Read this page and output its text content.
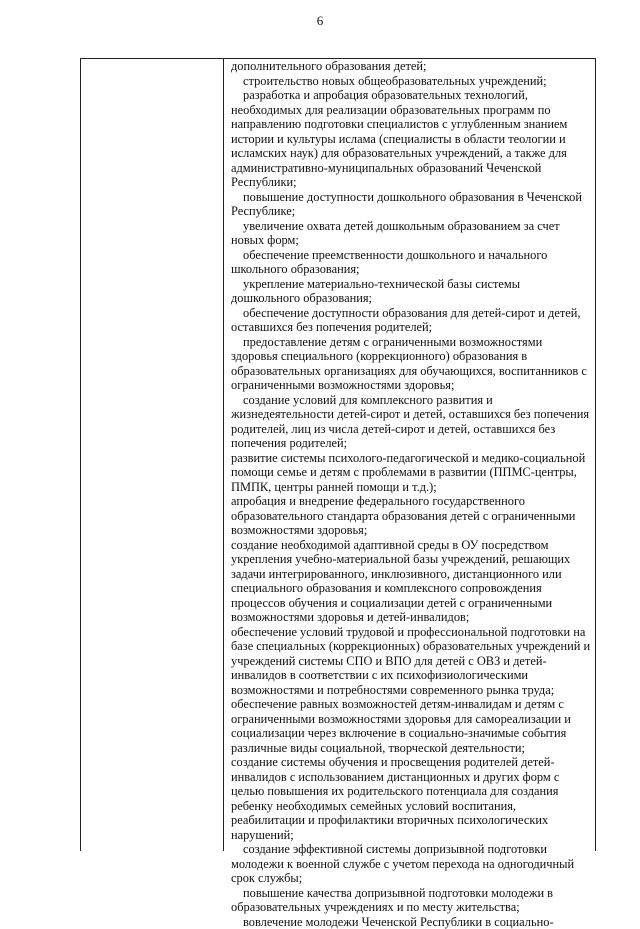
6

дополнительного образования детей;

строительство новых общеобразовательных учреждений;

разработка и апробация образовательных технологий, необходимых для реализации образовательных программ по направлению подготовки специалистов с углубленным знанием истории и культуры ислама (специалисты в области теологии и исламских наук) для образовательных учреждений, а также для административно-муниципальных образований Чеченской Республики;

повышение доступности дошкольного образования в Чеченской Республике;

увеличение охвата детей дошкольным образованием за счет новых форм;

обеспечение преемственности дошкольного и начального школьного образования;

укрепление материально-технической базы системы дошкольного образования;

обеспечение доступности образования для детей-сирот и детей, оставшихся без попечения родителей;

предоставление детям с ограниченными возможностями здоровья специального (коррекционного) образования в образовательных организациях для обучающихся, воспитанников с ограниченными возможностями здоровья;

создание условий для комплексного развития и жизнедеятельности детей-сирот и детей, оставшихся без попечения родителей, лиц из числа детей-сирот и детей, оставшихся без попечения родителей;

развитие системы психолого-педагогической и медико-социальной помощи семье и детям с проблемами в развитии (ППМС-центры, ПМПК, центры ранней помощи и т.д.);

апробация и внедрение федерального государственного образовательного стандарта образования детей с ограниченными возможностями здоровья;

создание необходимой адаптивной среды в ОУ посредством укрепления учебно-материальной базы учреждений, решающих задачи интегрированного, инклюзивного, дистанционного или специального образования и комплексного сопровождения процессов обучения и социализации детей с ограниченными возможностями здоровья и детей-инвалидов;

обеспечение условий трудовой и профессиональной подготовки на базе специальных (коррекционных) образовательных учреждений и учреждений системы СПО и ВПО для детей с ОВЗ и детей-инвалидов в соответствии с их психофизиологическими возможностями и потребностями современного рынка труда;

обеспечение равных возможностей детям-инвалидам и детям с ограниченными возможностями здоровья для самореализации и социализации через включение в социально-значимые события различные виды социальной, творческой деятельности;

создание системы обучения и просвещения родителей детей-инвалидов с использованием дистанционных и других форм с целью повышения их родительского потенциала для создания ребенку необходимых семейных условий воспитания, реабилитации и профилактики вторичных психологических нарушений;

создание эффективной системы допризывной подготовки молодежи к военной службе с учетом перехода на одногодичный срок службы;

повышение качества допризывной подготовки молодежи в образовательных учреждениях и по месту жительства;

вовлечение молодежи Чеченской Республики в социально-
